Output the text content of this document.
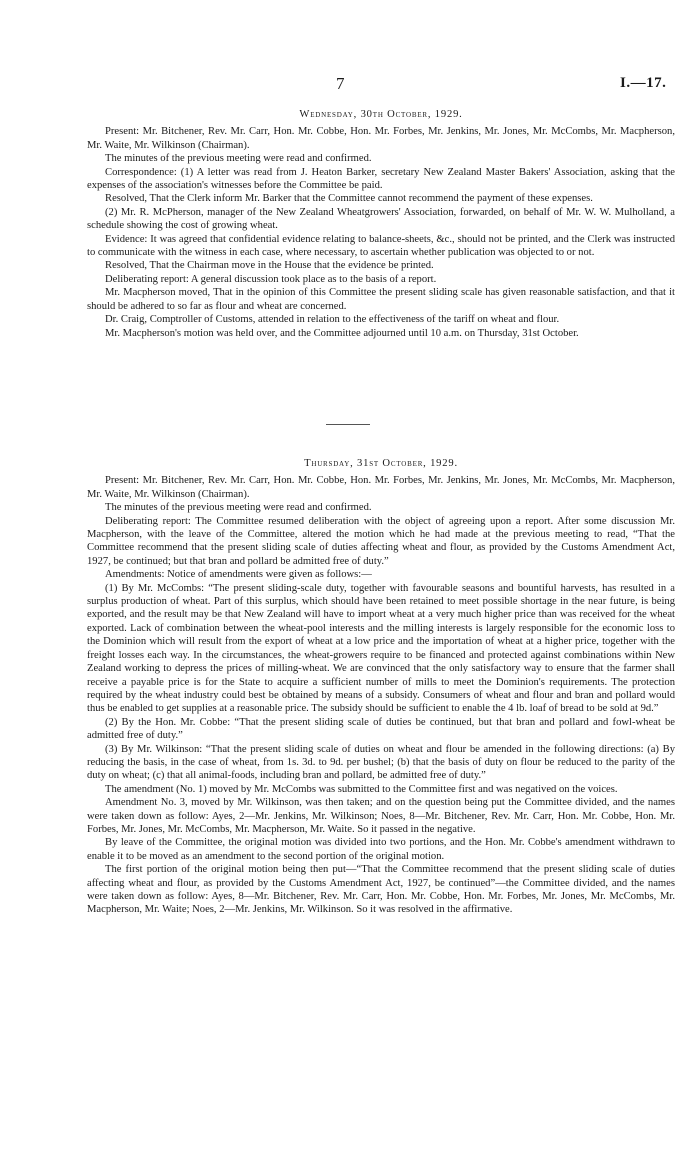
7	I.—17.
Wednesday, 30th October, 1929.

Present: Mr. Bitchener, Rev. Mr. Carr, Hon. Mr. Cobbe, Hon. Mr. Forbes, Mr. Jenkins, Mr. Jones, Mr. McCombs, Mr. Macpherson, Mr. Waite, Mr. Wilkinson (Chairman).

The minutes of the previous meeting were read and confirmed.

Correspondence: (1) A letter was read from J. Heaton Barker, secretary New Zealand Master Bakers' Association, asking that the expenses of the association's witnesses before the Committee be paid.

Resolved, That the Clerk inform Mr. Barker that the Committee cannot recommend the payment of these expenses.

(2) Mr. R. McPherson, manager of the New Zealand Wheatgrowers' Association, forwarded, on behalf of Mr. W. W. Mulholland, a schedule showing the cost of growing wheat.

Evidence: It was agreed that confidential evidence relating to balance-sheets, &c., should not be printed, and the Clerk was instructed to communicate with the witness in each case, where necessary, to ascertain whether publication was objected to or not.

Resolved, That the Chairman move in the House that the evidence be printed.

Deliberating report: A general discussion took place as to the basis of a report.

Mr. Macpherson moved, That in the opinion of this Committee the present sliding scale has given reasonable satisfaction, and that it should be adhered to so far as flour and wheat are concerned.

Dr. Craig, Comptroller of Customs, attended in relation to the effectiveness of the tariff on wheat and flour.

Mr. Macpherson's motion was held over, and the Committee adjourned until 10 a.m. on Thursday, 31st October.

Thursday, 31st October, 1929.

Present: Mr. Bitchener, Rev. Mr. Carr, Hon. Mr. Cobbe, Hon. Mr. Forbes, Mr. Jenkins, Mr. Jones, Mr. McCombs, Mr. Macpherson, Mr. Waite, Mr. Wilkinson (Chairman).

The minutes of the previous meeting were read and confirmed.

Deliberating report: The Committee resumed deliberation with the object of agreeing upon a report. After some discussion Mr. Macpherson, with the leave of the Committee, altered the motion which he had made at the previous meeting to read, “That the Committee recommend that the present sliding scale of duties affecting wheat and flour, as provided by the Customs Amendment Act, 1927, be continued; but that bran and pollard be admitted free of duty.”

Amendments: Notice of amendments were given as follows:—

(1) By Mr. McCombs: “The present sliding-scale duty, together with favourable seasons and bountiful harvests, has resulted in a surplus production of wheat. Part of this surplus, which should have been retained to meet possible shortage in the near future, is being exported, and the result may be that New Zealand will have to import wheat at a very much higher price than was received for the wheat exported. Lack of combination between the wheat-pool interests and the milling interests is largely responsible for the economic loss to the Dominion which will result from the export of wheat at a low price and the importation of wheat at a higher price, together with the freight losses each way. In the circumstances, the wheat-growers require to be financed and protected against combinations within New Zealand working to depress the prices of milling-wheat. We are convinced that the only satisfactory way to ensure that the farmer shall receive a payable price is for the State to acquire a sufficient number of mills to meet the Dominion's requirements. The protection required by the wheat industry could best be obtained by means of a subsidy. Consumers of wheat and flour and bran and pollard would thus be enabled to get supplies at a reasonable price. The subsidy should be sufficient to enable the 4 lb. loaf of bread to be sold at 9d.”

(2) By the Hon. Mr. Cobbe: “That the present sliding scale of duties be continued, but that bran and pollard and fowl-wheat be admitted free of duty.”

(3) By Mr. Wilkinson: “That the present sliding scale of duties on wheat and flour be amended in the following directions: (a) By reducing the basis, in the case of wheat, from 1s. 3d. to 9d. per bushel; (b) that the basis of duty on flour be reduced to the parity of the duty on wheat; (c) that all animal-foods, including bran and pollard, be admitted free of duty.”

The amendment (No. 1) moved by Mr. McCombs was submitted to the Committee first and was negatived on the voices.

Amendment No. 3, moved by Mr. Wilkinson, was then taken; and on the question being put the Committee divided, and the names were taken down as follow: Ayes, 2—Mr. Jenkins, Mr. Wilkinson; Noes, 8—Mr. Bitchener, Rev. Mr. Carr, Hon. Mr. Cobbe, Hon. Mr. Forbes, Mr. Jones, Mr. McCombs, Mr. Macpherson, Mr. Waite. So it passed in the negative.

By leave of the Committee, the original motion was divided into two portions, and the Hon. Mr. Cobbe's amendment withdrawn to enable it to be moved as an amendment to the second portion of the original motion.

The first portion of the original motion being then put—“That the Committee recommend that the present sliding scale of duties affecting wheat and flour, as provided by the Customs Amendment Act, 1927, be continued”—the Committee divided, and the names were taken down as follow: Ayes, 8—Mr. Bitchener, Rev. Mr. Carr, Hon. Mr. Cobbe, Hon. Mr. Forbes, Mr. Jones, Mr. McCombs, Mr. Macpherson, Mr. Waite; Noes, 2—Mr. Jenkins, Mr. Wilkinson. So it was resolved in the affirmative.
